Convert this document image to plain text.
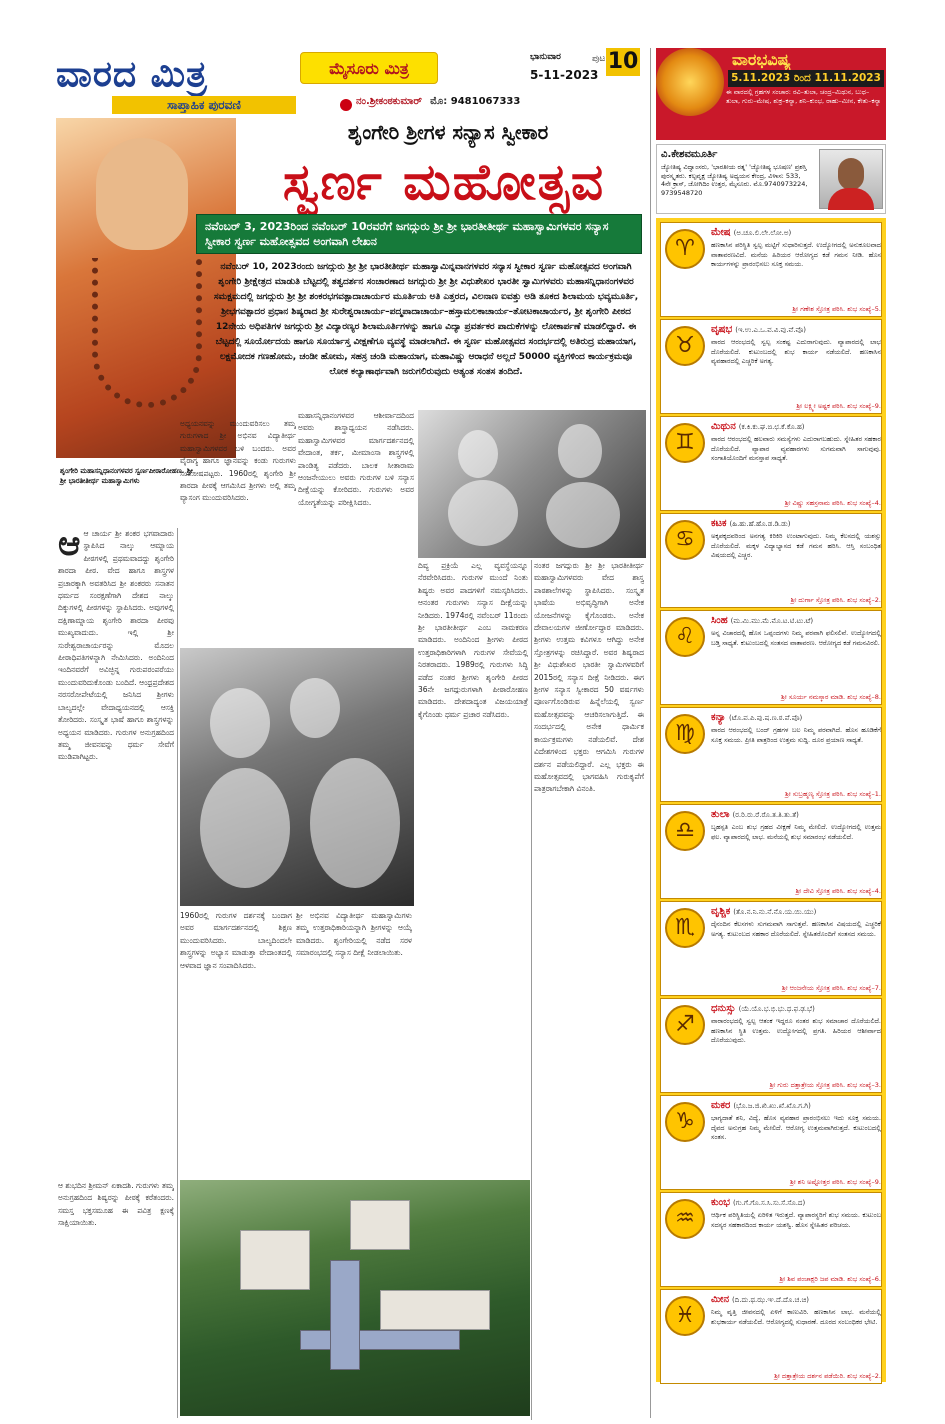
ವಾರದ ಮಿತ್ರ
ಸಾಪ್ತಾಹಿಕ ಪುರವಣಿ
ಮೈಸೂರು ಮಿತ್ರ
ಭಾನುವಾರ
5-11-2023
ಪುಟ 10
ನಂ.ಶ್ರೀಕಂಠಕುಮಾರ್ ಮೊ: 9481067333
ಶೃಂಗೇರಿ ಮಹಾಸನ್ನಿಧಾನಂಗಳವರ ಸ್ವರ್ಣಪೀಠಾರೋಹಣ. ಶ್ರೀ ಶ್ರೀ ಭಾರತೀತೀರ್ಥ ಮಹಾಸ್ವಾಮಿಗಳು
ಶೃಂಗೇರಿ ಶ್ರೀಗಳ ಸನ್ಯಾಸ ಸ್ವೀಕಾರ
ಸ್ವರ್ಣ ಮಹೋತ್ಸವ
ನವೆಂಬರ್ 3, 2023ರಿಂದ ನವೆಂಬರ್ 10ರವರೆಗೆ ಜಗದ್ಗುರು ಶ್ರೀ ಶ್ರೀ ಭಾರತೀತೀರ್ಥ ಮಹಾಸ್ವಾಮಿಗಳವರ ಸನ್ಯಾಸ ಸ್ವೀಕಾರ ಸ್ವರ್ಣ ಮಹೋತ್ಸವದ ಅಂಗವಾಗಿ ಲೇಖನ
ನವೆಂಬರ್ 10, 2023ರಂದು ಜಗದ್ಗುರು ಶ್ರೀ ಶ್ರೀ ಭಾರತೀತೀರ್ಥ ಮಹಾಸ್ವಾಮಿನ್ನವಾನಗಳವರ ಸನ್ಯಾಸ ಸ್ವೀಕಾರ ಸ್ವರ್ಣ ಮಹೋತ್ಸವದ ಅಂಗವಾಗಿ ಶೃಂಗೇರಿ ಶ್ರೀಕ್ಷೇತ್ರದ ಮಾಡುತಿ ಬೆಟ್ಟದಲ್ಲಿ ತತ್ವದರ್ಶನ ಸಂಚಾರಣಾದ ಜಗದ್ಗುರು ಶ್ರೀ ಶ್ರೀ ವಿಧುಶೇಖರ ಭಾರತೀ ಸ್ವಾಮಿಗಳವರು ಮಹಾಸನ್ನಿಧಾನಂಗಳವರ ಸಮಕ್ಷಮದಲ್ಲಿ ಜಗದ್ಗುರು ಶ್ರೀ ಶ್ರೀ ಶಂಕರಭಗವತ್ಪಾದಾಚಾರ್ಯರ ಮೂರ್ತಿಯ ಅತಿ ಎತ್ತರದ, ವಿಲನಾಣ ಐವತ್ತು ಅಡಿ ತೂಕದ ಶಿಲಾಮಯ ಭವ್ಯಮೂರ್ತಿ, ಶ್ರೀಭಗವತ್ಪಾದರ ಪ್ರಧಾನ ಶಿಷ್ಯರಾದ ಶ್ರೀ ಸುರೇಶ್ವರಾಚಾರ್ಯ–ಪದ್ಮಪಾದಾಚಾರ್ಯ–ಹಸ್ತಾಮಲಕಾಚಾರ್ಯ–ತೋಟಕಾಚಾರ್ಯರ, ಶ್ರೀ ಶೃಂಗೇರಿ ಪೀಠದ 12ನೇಯ ಅಧಿಪತಿಗಳ ಜಗದ್ಗುರು ಶ್ರೀ ವಿದ್ಯಾರಣ್ಯರ ಶಿಲಾಮೂರ್ತಿಗಳನ್ನು ಹಾಗೂ ವಿದ್ಯಾ ಪ್ರವರ್ತಕರ ಪಾದುಕೆಗಳನ್ನು ಲೋಕಾರ್ಪಣೆ ಮಾಡಲಿದ್ದಾರೆ. ಈ ಬೆಟ್ಟದಲ್ಲಿ ಸೂರ್ಯೋದಯ ಹಾಗೂ ಸೂರ್ಯಾಸ್ತ ವೀಕ್ಷಣೆಗೂ ವ್ಯವಸ್ಥೆ ಮಾಡಲಾಗಿದೆ. ಈ ಸ್ವರ್ಣ ಮಹೋತ್ಸವದ ಸಂದರ್ಭದಲ್ಲಿ ಅತಿರುದ್ರ ಮಹಾಯಾಗ, ಲಕ್ಷಮೋದಕ ಗಣಹೋಮ, ಚಂಡೀ ಹೋಮ, ಸಹಸ್ರ ಚಂಡಿ ಮಹಾಯಾಗ, ಮಹಾವಿಷ್ಣು ಆರಾಧನೆ ಅಲ್ಲದೆ 50000 ವ್ಯಕ್ತಿಗಳಿಂದ ಕಾರ್ಯಕ್ರಮವೂ ಲೋಕ ಕಲ್ಯಾಣಾರ್ಥವಾಗಿ ಜರುಗಲಿರುವುದು ಅತ್ಯಂತ ಸಂತಸ ತಂದಿದೆ.

ಆಆ ಚಾರ್ಯ ಶ್ರೀ ಶಂಕರ ಭಗವಾದಾರು ಸ್ಥಾಪಿಸಿದ ನಾಲ್ಕು ಆಮ್ನಾಯ ಪೀಠಗಳಲ್ಲಿ ಪ್ರಥಮವಾದದ್ದು ಶೃಂಗೇರಿ ಶಾರದಾ ಪೀಠ. ವೇದ ಹಾಗೂ ಶಾಸ್ತ್ರಗಳ ಪ್ರಚಾರಕ್ಕಾಗಿ ಅವತರಿಸಿದ ಶ್ರೀ ಶಂಕರರು ಸನಾತನ ಧರ್ಮದ ಸಂರಕ್ಷಣೆಗಾಗಿ ದೇಶದ ನಾಲ್ಕು ದಿಕ್ಕುಗಳಲ್ಲಿ ಪೀಠಗಳನ್ನು ಸ್ಥಾಪಿಸಿದರು. ಅವುಗಳಲ್ಲಿ ದಕ್ಷಿಣಾಮ್ನಾಯ ಶೃಂಗೇರಿ ಶಾರದಾ ಪೀಠವು ಮುಖ್ಯವಾದುದು. ಇಲ್ಲಿ ಶ್ರೀ ಸುರೇಶ್ವರಾಚಾರ್ಯರನ್ನು ಮೊದಲ ಪೀಠಾಧಿಪತಿಗಳನ್ನಾಗಿ ನೇಮಿಸಿದರು. ಅಂದಿನಿಂದ ಇಂದಿನವರೆಗೆ ಅವಿಚ್ಛಿನ್ನ ಗುರುಪರಂಪರೆಯು ಮುಂದುವರಿದುಕೊಂಡು ಬಂದಿದೆ. ಆಂಧ್ರಪ್ರದೇಶದ ನರಸರೋಪೇಟೆಯಲ್ಲಿ ಜನಿಸಿದ ಶ್ರೀಗಳು ಬಾಲ್ಯದಲ್ಲೇ ವೇದಾಧ್ಯಯನದಲ್ಲಿ ಆಸಕ್ತಿ ತೋರಿದರು. ಸಂಸ್ಕೃತ ಭಾಷೆ ಹಾಗೂ ಶಾಸ್ತ್ರಗಳನ್ನು ಅಧ್ಯಯನ ಮಾಡಿದರು. ಗುರುಗಳ ಅನುಗ್ರಹದಿಂದ ತಮ್ಮ ಜೀವನವನ್ನು ಧರ್ಮ ಸೇವೆಗೆ ಮುಡಿಪಾಗಿಟ್ಟರು.

ಅಧ್ಯಯನವನ್ನು ಮುಂದುವರಿಸಲು ತಮ್ಮ ಗುರುಗಳಾದ ಶ್ರೀ ಅಭಿನವ ವಿದ್ಯಾತೀರ್ಥ ಮಹಾಸ್ವಾಮಿಗಳವರ ಬಳಿ ಬಂದರು. ಅವರ ವೈರಾಗ್ಯ ಹಾಗೂ ಜ್ಞಾನವನ್ನು ಕಂಡು ಗುರುಗಳು ಸಂತೋಷಪಟ್ಟರು. 1960ರಲ್ಲಿ ಶೃಂಗೇರಿ ಶ್ರೀ ಶಾರದಾ ಪೀಠಕ್ಕೆ ಆಗಮಿಸಿದ ಶ್ರೀಗಳು ಅಲ್ಲಿ ತಮ್ಮ ವ್ಯಾಸಂಗ ಮುಂದುವರಿಸಿದರು.

ಮಹಾಸನ್ನಿಧಾನಂಗಳವರ ಆಶೀರ್ವಾದದಿಂದ ಅವರು ಶಾಸ್ತ್ರಾಧ್ಯಯನ ನಡೆಸಿದರು. ಮಹಾಸ್ವಾಮಿಗಳವರ ಮಾರ್ಗದರ್ಶನದಲ್ಲಿ ವೇದಾಂತ, ತರ್ಕ, ಮೀಮಾಂಸಾ ಶಾಸ್ತ್ರಗಳಲ್ಲಿ ಪಾಂಡಿತ್ಯ ಪಡೆದರು. ಬಾಲಕ ಸೀತಾರಾಮ ಆಂಜನೇಯುಲು ಅವರು ಗುರುಗಳ ಬಳಿ ಸನ್ಯಾಸ ದೀಕ್ಷೆಯನ್ನು ಕೋರಿದರು. ಗುರುಗಳು ಅವರ ಯೋಗ್ಯತೆಯನ್ನು ಪರೀಕ್ಷಿಸಿದರು.

ದಿವ್ಯ ಪ್ರಕ್ರಿಯೆ ಎಲ್ಲ ವ್ಯವಸ್ಥೆಯನ್ನೂ ನೆರವೇರಿಸಿದರು. ಗುರುಗಳ ಮುಂದೆ ನಿಂತು ಶಿಷ್ಯರು ಅವರ ಪಾದಗಳಿಗೆ ನಮಸ್ಕರಿಸಿದರು. ಆನಂತರ ಗುರುಗಳು ಸನ್ಯಾಸ ದೀಕ್ಷೆಯನ್ನು ನೀಡಿದರು. 1974ರಲ್ಲಿ ನವೆಂಬರ್ 11ರಂದು ಶ್ರೀ ಭಾರತೀತೀರ್ಥ ಎಂಬ ನಾಮಕರಣ ಮಾಡಿದರು. ಅಂದಿನಿಂದ ಶ್ರೀಗಳು ಪೀಠದ ಉತ್ತರಾಧಿಕಾರಿಗಳಾಗಿ ಗುರುಗಳ ಸೇವೆಯಲ್ಲಿ ನಿರತರಾದರು. 1989ರಲ್ಲಿ ಗುರುಗಳು ಸಿದ್ಧಿ ಪಡೆದ ನಂತರ ಶ್ರೀಗಳು ಶೃಂಗೇರಿ ಪೀಠದ 36ನೇ ಜಗದ್ಗುರುಗಳಾಗಿ ಪೀಠಾರೋಹಣ ಮಾಡಿದರು. ದೇಶದಾದ್ಯಂತ ವಿಜಯಯಾತ್ರೆ ಕೈಗೊಂಡು ಧರ್ಮ ಪ್ರಚಾರ ನಡೆಸಿದರು.

ನಂತರ ಜಗದ್ಗುರು ಶ್ರೀ ಶ್ರೀ ಭಾರತೀತೀರ್ಥ ಮಹಾಸ್ವಾಮಿಗಳವರು ವೇದ ಶಾಸ್ತ್ರ ಪಾಠಶಾಲೆಗಳನ್ನು ಸ್ಥಾಪಿಸಿದರು. ಸಂಸ್ಕೃತ ಭಾಷೆಯ ಅಭಿವೃದ್ಧಿಗಾಗಿ ಅನೇಕ ಯೋಜನೆಗಳನ್ನು ಕೈಗೊಂಡರು. ಅನೇಕ ದೇವಾಲಯಗಳ ಜೀರ್ಣೋದ್ಧಾರ ಮಾಡಿದರು. ಶ್ರೀಗಳು ಉತ್ತಮ ಕವಿಗಳೂ ಆಗಿದ್ದು ಅನೇಕ ಸ್ತೋತ್ರಗಳನ್ನು ರಚಿಸಿದ್ದಾರೆ. ಅವರ ಶಿಷ್ಯರಾದ ಶ್ರೀ ವಿಧುಶೇಖರ ಭಾರತೀ ಸ್ವಾಮಿಗಳವರಿಗೆ 2015ರಲ್ಲಿ ಸನ್ಯಾಸ ದೀಕ್ಷೆ ನೀಡಿದರು. ಈಗ ಶ್ರೀಗಳ ಸನ್ಯಾಸ ಸ್ವೀಕಾರದ 50 ವರ್ಷಗಳು ಪೂರ್ಣಗೊಂಡಿರುವ ಹಿನ್ನೆಲೆಯಲ್ಲಿ ಸ್ವರ್ಣ ಮಹೋತ್ಸವವನ್ನು ಆಚರಿಸಲಾಗುತ್ತಿದೆ. ಈ ಸಂದರ್ಭದಲ್ಲಿ ಅನೇಕ ಧಾರ್ಮಿಕ ಕಾರ್ಯಕ್ರಮಗಳು ನಡೆಯಲಿವೆ. ದೇಶ ವಿದೇಶಗಳಿಂದ ಭಕ್ತರು ಆಗಮಿಸಿ ಗುರುಗಳ ದರ್ಶನ ಪಡೆಯಲಿದ್ದಾರೆ. ಎಲ್ಲ ಭಕ್ತರು ಈ ಮಹೋತ್ಸವದಲ್ಲಿ ಭಾಗವಹಿಸಿ ಗುರುಕೃಪೆಗೆ ಪಾತ್ರರಾಗಬೇಕಾಗಿ ವಿನಂತಿ.

1960ರಲ್ಲಿ ಗುರುಗಳ ದರ್ಶನಕ್ಕೆ ಬಂದಾಗ ಅವರ ಮಾರ್ಗದರ್ಶನದಲ್ಲಿ ಶಿಕ್ಷಣ ಮುಂದುವರಿಸಿದರು. ಬಾಲ್ಯದಿಂದಲೇ ಶಾಸ್ತ್ರಗಳನ್ನು ಅಭ್ಯಾಸ ಮಾಡುತ್ತಾ ವೇದಾಂತದಲ್ಲಿ ಆಳವಾದ ಜ್ಞಾನ ಸಂಪಾದಿಸಿದರು.

ಶ್ರೀ ಅಭಿನವ ವಿದ್ಯಾತೀರ್ಥ ಮಹಾಸ್ವಾಮಿಗಳು ತಮ್ಮ ಉತ್ತರಾಧಿಕಾರಿಯನ್ನಾಗಿ ಶ್ರೀಗಳನ್ನು ಆಯ್ಕೆ ಮಾಡಿದರು. ಶೃಂಗೇರಿಯಲ್ಲಿ ನಡೆದ ಸರಳ ಸಮಾರಂಭದಲ್ಲಿ ಸನ್ಯಾಸ ದೀಕ್ಷೆ ನೀಡಲಾಯಿತು.

ಆ ಶುಭದಿನ ಶ್ರೀಮನ್ ಏಕಾದಶಿ. ಗುರುಗಳು ತಮ್ಮ ಅನುಗ್ರಹದಿಂದ ಶಿಷ್ಯರನ್ನು ಪೀಠಕ್ಕೆ ಕರೆತಂದರು. ಸಮಸ್ತ ಭಕ್ತಸಮೂಹ ಈ ಪವಿತ್ರ ಕ್ಷಣಕ್ಕೆ ಸಾಕ್ಷಿಯಾಯಿತು.

ವಾರಭವಿಷ್ಯ
5.11.2023 ರಿಂದ 11.11.2023
ಈ ವಾರದಲ್ಲಿ ಗ್ರಹಗಳ ಸಂಚಾರ: ರವಿ–ತುಲಾ, ಚಂದ್ರ–ಮಿಥುನ, ಬುಧ–ತುಲಾ, ಗುರು–ಮೇಷ, ಶುಕ್ರ–ಕನ್ಯಾ, ಶನಿ–ಕುಂಭ, ರಾಹು–ಮೀನ, ಕೇತು–ಕನ್ಯಾ
ವಿ.ಕೇಶವಮೂರ್ತಿ
ಜ್ಯೋತಿಷ್ಯ ವಿದ್ವಾಂಸರು, 'ಭಾರತೀಯ ರತ್ನ' 'ಜ್ಯೋತಿಷ್ಯ ಭೂಷಣ' ಪ್ರಶಸ್ತಿ ಪುರಸ್ಕೃತರು. ಕಲ್ಪವೃಕ್ಷ ಜ್ಯೋತಿಷ್ಯ ಅಧ್ಯಯನ ಕೇಂದ್ರ, ವಿಳಾಸ: 533, 4ನೇ ಕ್ರಾಸ್, ಜೋಗಿದಿಂ ಉತ್ತರ, ಮೈಸೂರು. ಮೊ.9740973224, 9739548720
♈
ಮೇಷ (ಅ.ಚೂ.ಲಿ.ಲೇ.ಲೋ.ಅ)
ಹಣಕಾಸಿನ ಪರಿಸ್ಥಿತಿ ಸ್ವಲ್ಪ ಮಟ್ಟಿಗೆ ಸುಧಾರಿಸುತ್ತದೆ. ಉದ್ಯೋಗದಲ್ಲಿ ಅನುಕೂಲವಾದ ವಾತಾವರಣವಿದೆ. ಮನೆಯ ಹಿರಿಯರ ಆರೋಗ್ಯದ ಕಡೆ ಗಮನ ನೀಡಿ. ಹೊಸ ಕಾರ್ಯಗಳನ್ನು ಪ್ರಾರಂಭಿಸಲು ಸೂಕ್ತ ಸಮಯ.
ಶ್ರೀ ಗಣೇಶ ಸ್ತೋತ್ರ ಪಠಿಸಿ. ಶುಭ ಸಂಖ್ಯೆ–5.
♉
ವೃಷಭ (ಇ.ಉ.ಎ.ಒ.ವ.ವಿ.ವು.ವೆ.ವೊ)
ವಾರದ ಆರಂಭದಲ್ಲಿ ಸ್ವಲ್ಪ ಸಂಕಷ್ಟ ಎದುರಾಗುವುದು. ವ್ಯಾಪಾರದಲ್ಲಿ ಲಾಭ ದೊರೆಯಲಿದೆ. ಕುಟುಂಬದಲ್ಲಿ ಶುಭ ಕಾರ್ಯ ನಡೆಯಲಿದೆ. ಹಣಕಾಸಿನ ವ್ಯವಹಾರದಲ್ಲಿ ಎಚ್ಚರಿಕೆ ಅಗತ್ಯ.
ಶ್ರೀ ಲಕ್ಷ್ಮೀ ಅಷ್ಟಕ ಪಠಿಸಿ. ಶುಭ ಸಂಖ್ಯೆ–9.
♊
ಮಿಥುನ (ಕ.ಕಿ.ಕು.ಘ.ಙ.ಛ.ಕೆ.ಕೊ.ಹ)
ವಾರದ ಆರಂಭದಲ್ಲಿ ಹಲವಾರು ಸಮಸ್ಯೆಗಳು ಎದುರಾಗಬಹುದು. ಸ್ನೇಹಿತರ ಸಹಕಾರ ದೊರೆಯಲಿದೆ. ವ್ಯಾಪಾರ ವ್ಯವಹಾರಗಳು ಸುಗಮವಾಗಿ ಸಾಗುವುವು. ಸಂಗಾತಿಯೊಂದಿಗೆ ಮನಸ್ತಾಪ ಸಾಧ್ಯತೆ.
ಶ್ರೀ ವಿಷ್ಣು ಸಹಸ್ರನಾಮ ಪಠಿಸಿ. ಶುಭ ಸಂಖ್ಯೆ–4.
♋
ಕಟಕ (ಹಿ.ಹು.ಹೆ.ಹೊ.ಡ.ಡಿ.ಡು)
ಅಕ್ಕಪಕ್ಕದವರಿಂದ ಅನಗತ್ಯ ಕಿರಿಕಿರಿ ಉಂಟಾಗುವುದು. ನಿಮ್ಮ ಕೆಲಸದಲ್ಲಿ ಯಶಸ್ಸು ದೊರೆಯಲಿದೆ. ಮಕ್ಕಳ ವಿದ್ಯಾಭ್ಯಾಸದ ಕಡೆ ಗಮನ ಹರಿಸಿ. ಆಸ್ತಿ ಸಂಬಂಧಿತ ವಿಷಯದಲ್ಲಿ ಎಚ್ಚರ.
ಶ್ರೀ ದುರ್ಗಾ ಸ್ತೋತ್ರ ಪಠಿಸಿ. ಶುಭ ಸಂಖ್ಯೆ–2.
♌
ಸಿಂಹ (ಮ.ಮಿ.ಮು.ಮೆ.ಮೊ.ಟ.ಟಿ.ಟು.ಟೆ)
ಅನ್ನ ವಿಚಾರದಲ್ಲಿ ಹೊಸ ಒಪ್ಪಂದಗಳು ನಿಮ್ಮ ಪರವಾಗಿ ಫಲಿಸಲಿವೆ. ಉದ್ಯೋಗದಲ್ಲಿ ಬಡ್ತಿ ಸಾಧ್ಯತೆ. ಕುಟುಂಬದಲ್ಲಿ ಸಂತಸದ ವಾತಾವರಣ. ಆರೋಗ್ಯದ ಕಡೆ ಗಮನವಿರಲಿ.
ಶ್ರೀ ಸೂರ್ಯ ನಮಸ್ಕಾರ ಮಾಡಿ. ಶುಭ ಸಂಖ್ಯೆ–8.
♍
ಕನ್ಯಾ (ಟೊ.ಪ.ಪಿ.ಪು.ಷ.ಣ.ಠ.ಪೆ.ಪೊ)
ವಾರದ ಆರಂಭದಲ್ಲಿ ಬಂದ್ ಗ್ರಹಗಳ ಬಲ ನಿಮ್ಮ ಪರವಾಗಿದೆ. ಹೊಸ ಹೂಡಿಕೆಗೆ ಸೂಕ್ತ ಸಮಯ. ಪ್ರೀತಿ ಪಾತ್ರರಿಂದ ಉತ್ತಮ ಸುದ್ದಿ. ದೂರ ಪ್ರಯಾಣ ಸಾಧ್ಯತೆ.
ಶ್ರೀ ಸುಬ್ರಹ್ಮಣ್ಯ ಸ್ತೋತ್ರ ಪಠಿಸಿ. ಶುಭ ಸಂಖ್ಯೆ–1.
♎
ತುಲಾ (ರ.ರಿ.ರು.ರೆ.ರೊ.ತ.ತಿ.ತು.ತೆ)
ಬೃಹಸ್ಪತಿ ಎಂಬ ಶುಭ ಗ್ರಹದ ವೀಕ್ಷಣೆ ನಿಮ್ಮ ಮೇಲಿದೆ. ಉದ್ಯೋಗದಲ್ಲಿ ಉತ್ತಮ ಫಲ. ವ್ಯಾಪಾರದಲ್ಲಿ ಲಾಭ. ಮನೆಯಲ್ಲಿ ಶುಭ ಸಮಾರಂಭ ನಡೆಯಲಿದೆ.
ಶ್ರೀ ದೇವಿ ಸ್ತೋತ್ರ ಪಠಿಸಿ. ಶುಭ ಸಂಖ್ಯೆ–4.
♏
ವೃಶ್ಚಿಕ (ತೊ.ನ.ನಿ.ನು.ನೆ.ನೊ.ಯ.ಯಿ.ಯು)
ದೈನಂದಿನ ಕೆಲಸಗಳು ಸುಗಮವಾಗಿ ಸಾಗುತ್ತವೆ. ಹಣಕಾಸಿನ ವಿಷಯದಲ್ಲಿ ಎಚ್ಚರಿಕೆ ಅಗತ್ಯ. ಕುಟುಂಬದ ಸಹಕಾರ ದೊರೆಯಲಿದೆ. ಸ್ನೇಹಿತರೊಂದಿಗೆ ಸಂತಸದ ಸಮಯ.
ಶ್ರೀ ಆಂಜನೇಯ ಸ್ತೋತ್ರ ಪಠಿಸಿ. ಶುಭ ಸಂಖ್ಯೆ–7.
♐
ಧನುಸ್ಸು (ಯೆ.ಯೊ.ಭ.ಭಿ.ಭು.ಧ.ಫ.ಢ.ಭೆ)
ವಾರಾರಂಭದಲ್ಲಿ ಸ್ವಲ್ಪ ಆತಂಕ ಇದ್ದರೂ ನಂತರ ಶುಭ ಸಮಾಚಾರ ದೊರೆಯಲಿದೆ. ಹಣಕಾಸಿನ ಸ್ಥಿತಿ ಉತ್ತಮ. ಉದ್ಯೋಗದಲ್ಲಿ ಪ್ರಗತಿ. ಹಿರಿಯರ ಆಶೀರ್ವಾದ ದೊರೆಯುವುದು.
ಶ್ರೀ ಗುರು ದತ್ತಾತ್ರೇಯ ಸ್ತೋತ್ರ ಪಠಿಸಿ. ಶುಭ ಸಂಖ್ಯೆ–3.
♑
ಮಕರ (ಭೊ.ಜ.ಜಿ.ಖಿ.ಖು.ಖೆ.ಖೊ.ಗ.ಗಿ)
ಭಾಗ್ಯದಾತೆ ಶನಿ, ವಿದ್ಯೆ, ಹೊಸ ವ್ಯವಹಾರ ಪ್ರಾರಂಭಿಸಲು ಇದು ಸೂಕ್ತ ಸಮಯ. ದೈವದ ಅನುಗ್ರಹ ನಿಮ್ಮ ಮೇಲಿದೆ. ಆರೋಗ್ಯ ಉತ್ತಮವಾಗಿರುತ್ತದೆ. ಕುಟುಂಬದಲ್ಲಿ ಸಂತಸ.
ಶ್ರೀ ಶನಿ ಅಷ್ಟೋತ್ತರ ಪಠಿಸಿ. ಶುಭ ಸಂಖ್ಯೆ–9.
♒
ಕುಂಭ (ಗು.ಗೆ.ಗೊ.ಸ.ಸಿ.ಸು.ಸೆ.ಸೊ.ದ)
ಆರ್ಥಿಕ ಪರಿಸ್ಥಿತಿಯಲ್ಲಿ ಏರಿಳಿತ ಇರುತ್ತದೆ. ವ್ಯಾಪಾರಸ್ಥರಿಗೆ ಶುಭ ಸಮಯ. ಕುಟುಂಬ ಸದಸ್ಯರ ಸಹಕಾರದಿಂದ ಕಾರ್ಯ ಯಶಸ್ವಿ. ಹೊಸ ಸ್ನೇಹಿತರ ಪರಿಚಯ.
ಶ್ರೀ ಶಿವ ಪಂಚಾಕ್ಷರಿ ಜಪ ಮಾಡಿ. ಶುಭ ಸಂಖ್ಯೆ–6.
♓
ಮೀನ (ದಿ.ದು.ಥ.ಝ.ಞ.ದೆ.ದೊ.ಚ.ಚಿ)
ನಿಮ್ಮ ವೃತ್ತಿ ಜೀವನದಲ್ಲಿ ಏಳಿಗೆ ಕಾಣುವಿರಿ. ಹಣಕಾಸಿನ ಲಾಭ. ಮನೆಯಲ್ಲಿ ಶುಭಕಾರ್ಯ ನಡೆಯಲಿದೆ. ಆರೋಗ್ಯದಲ್ಲಿ ಸುಧಾರಣೆ. ದೂರದ ಸಂಬಂಧಿಕರ ಭೇಟಿ.
ಶ್ರೀ ದತ್ತಾತ್ರೇಯ ದರ್ಶನ ಪಡೆಯಿರಿ. ಶುಭ ಸಂಖ್ಯೆ–2.
